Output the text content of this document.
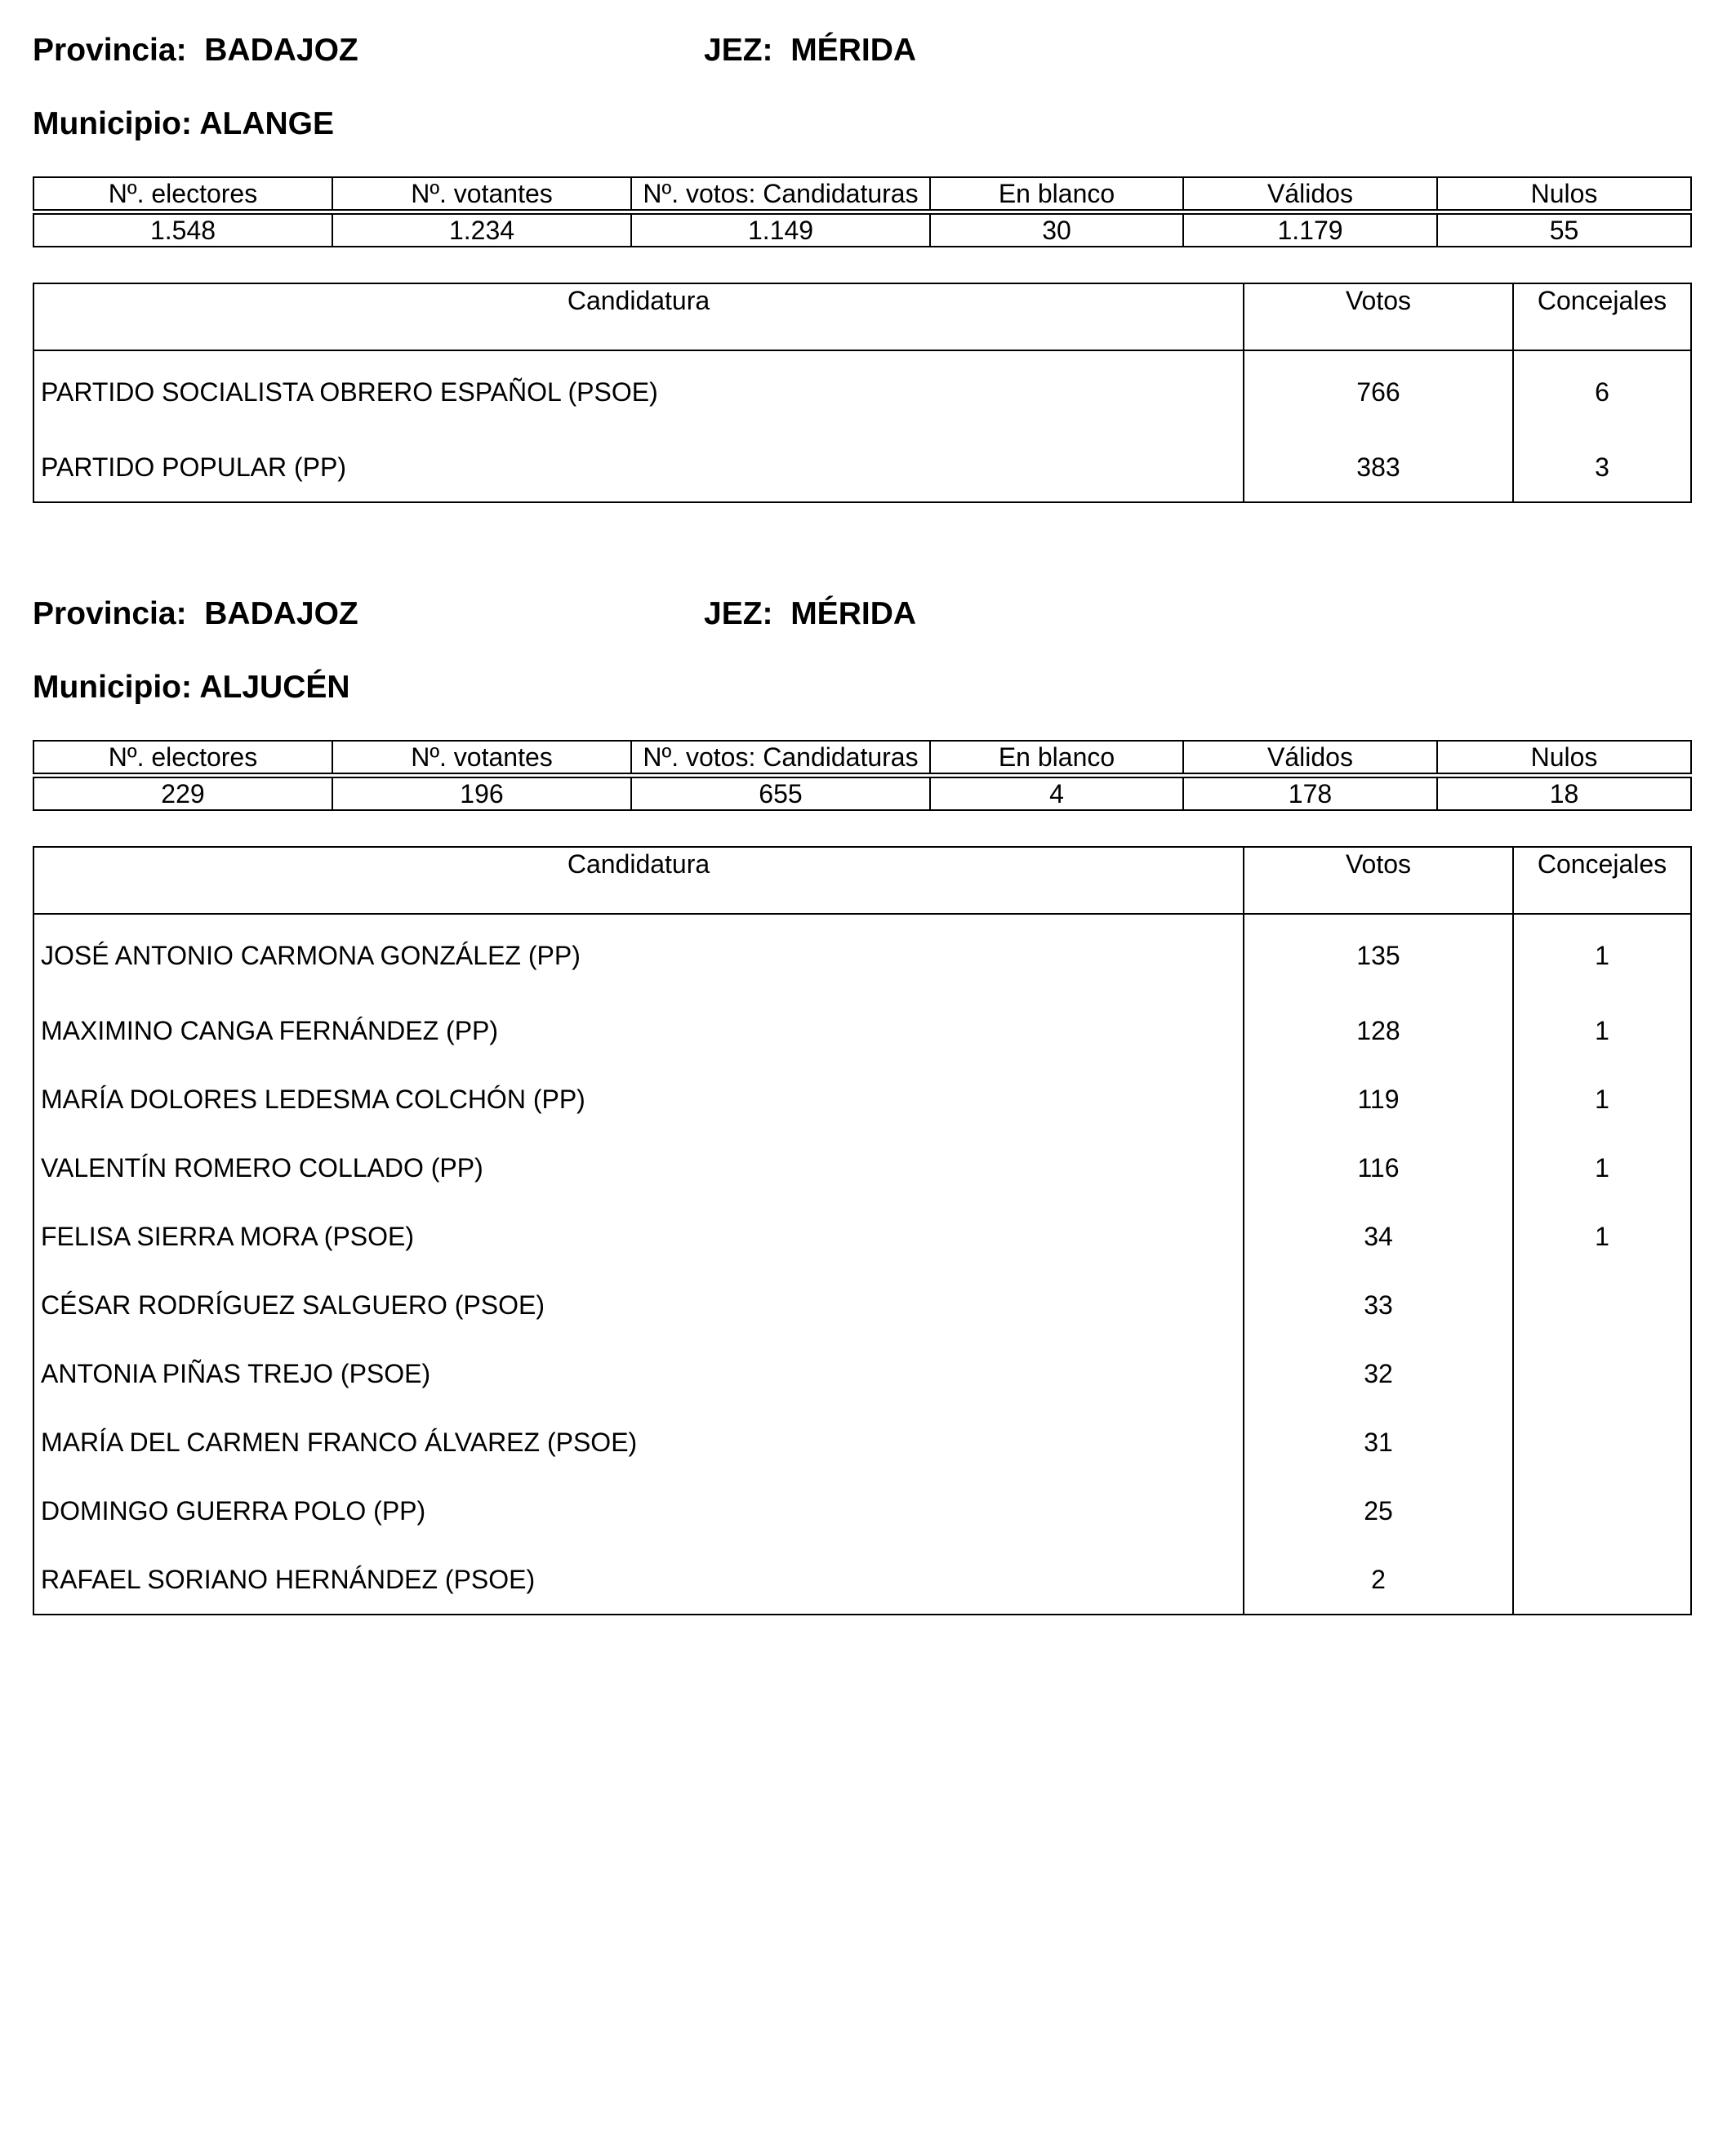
Provincia: BADAJOZ	JEZ: MÉRIDA
Municipio: ALANGE
Nº. electores	Nº. votantes	Nº. votos: Candidaturas	En blanco	Válidos	Nulos

1.548	1.234	1.149	30	1.179	55
Candidatura	Votos	Concejales
PARTIDO SOCIALISTA OBRERO ESPAÑOL (PSOE)	766	6
PARTIDO POPULAR (PP)	383	3
Provincia: BADAJOZ	JEZ: MÉRIDA
Municipio: ALJUCÉN
Nº. electores	Nº. votantes	Nº. votos: Candidaturas	En blanco	Válidos	Nulos

229	196	655	4	178	18
Candidatura	Votos	Concejales
JOSÉ ANTONIO CARMONA GONZÁLEZ (PP)	135	1
MAXIMINO CANGA FERNÁNDEZ (PP)	128	1
MARÍA DOLORES LEDESMA COLCHÓN (PP)	119	1
VALENTÍN ROMERO COLLADO (PP)	116	1
FELISA SIERRA MORA (PSOE)	34	1
CÉSAR RODRÍGUEZ SALGUERO (PSOE)	33	
ANTONIA PIÑAS TREJO (PSOE)	32	
MARÍA DEL CARMEN FRANCO ÁLVAREZ (PSOE)	31	
DOMINGO GUERRA POLO (PP)	25	
RAFAEL SORIANO HERNÁNDEZ (PSOE)	2	
